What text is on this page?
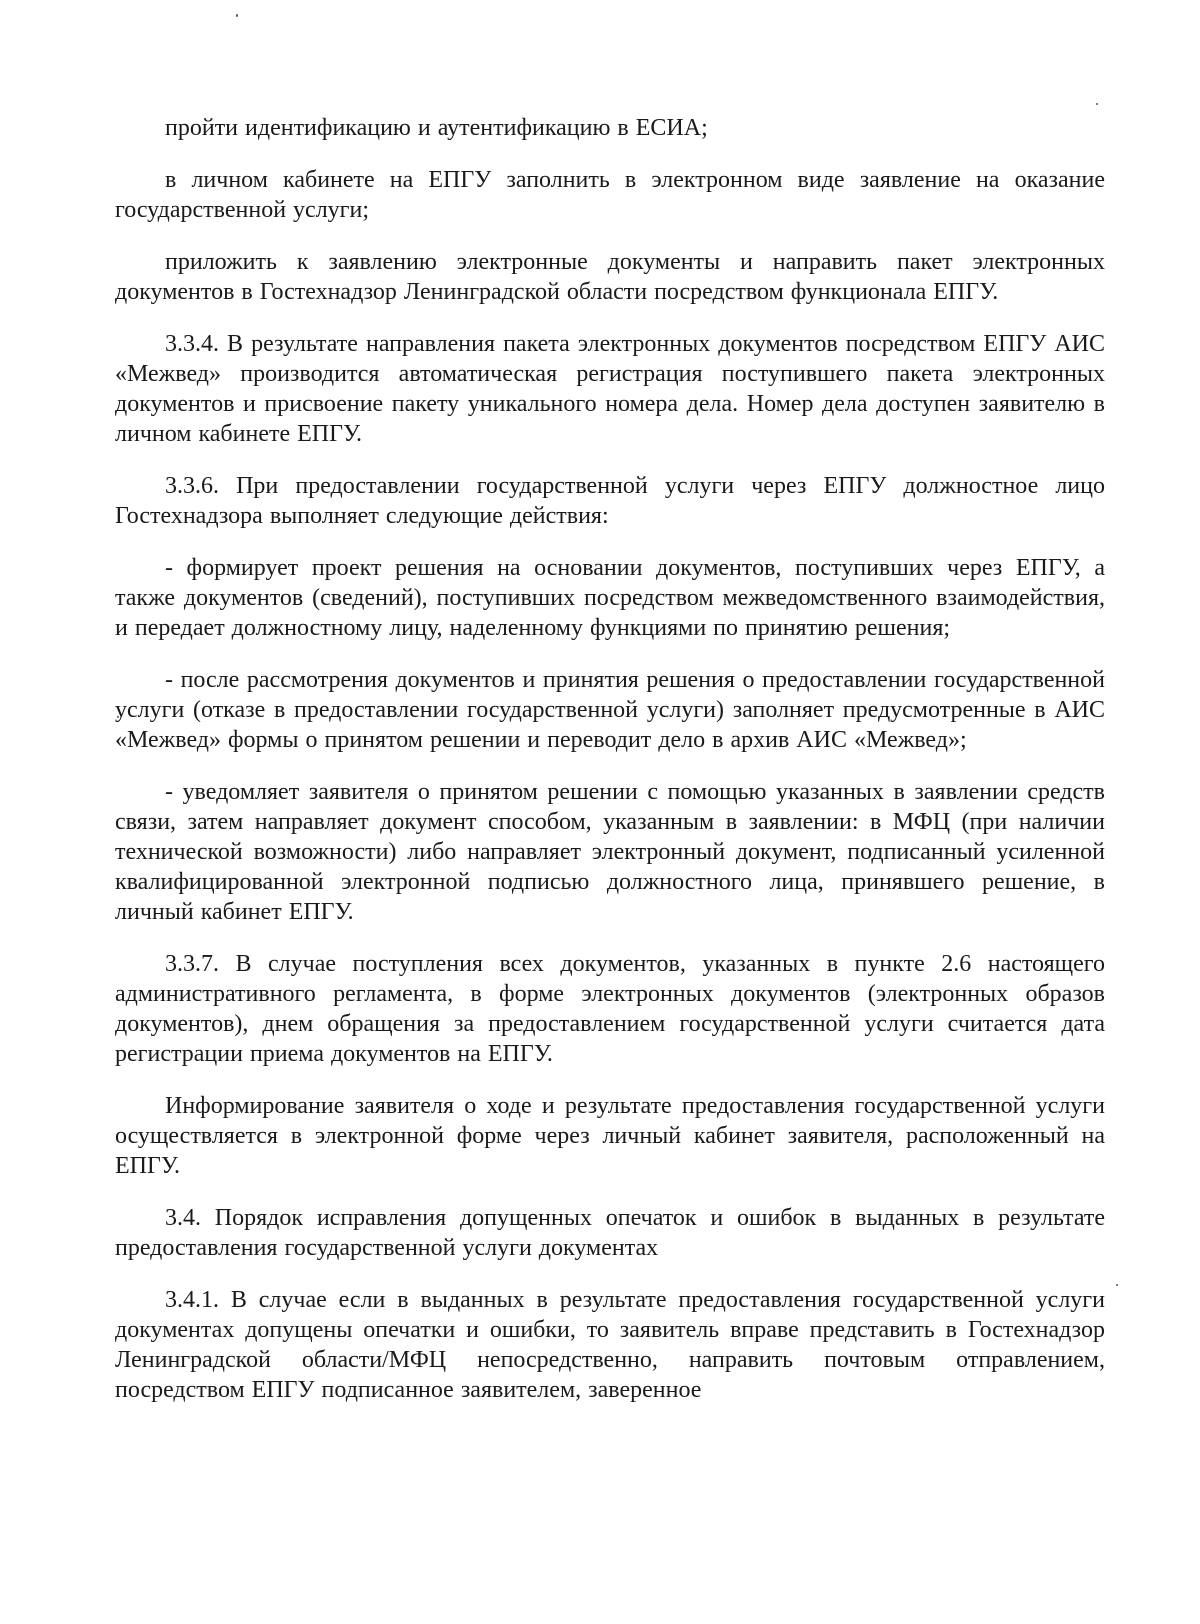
пройти идентификацию и аутентификацию в ЕСИА;

в личном кабинете на ЕПГУ заполнить в электронном виде заявление на оказание государственной услуги;

приложить к заявлению электронные документы и направить пакет электронных документов в Гостехнадзор Ленинградской области посредством функционала ЕПГУ.

3.3.4. В результате направления пакета электронных документов посредством ЕПГУ АИС «Межвед» производится автоматическая регистрация поступившего пакета электронных документов и присвоение пакету уникального номера дела. Номер дела доступен заявителю в личном кабинете ЕПГУ.

3.3.6. При предоставлении государственной услуги через ЕПГУ должностное лицо Гостехнадзора выполняет следующие действия:

- формирует проект решения на основании документов, поступивших через ЕПГУ, а также документов (сведений), поступивших посредством межведомственного взаимодействия, и передает должностному лицу, наделенному функциями по принятию решения;

- после рассмотрения документов и принятия решения о предоставлении государственной услуги (отказе в предоставлении государственной услуги) заполняет предусмотренные в АИС «Межвед» формы о принятом решении и переводит дело в архив АИС «Межвед»;

- уведомляет заявителя о принятом решении с помощью указанных в заявлении средств связи, затем направляет документ способом, указанным в заявлении: в МФЦ (при наличии технической возможности) либо направляет электронный документ, подписанный усиленной квалифицированной электронной подписью должностного лица, принявшего решение, в личный кабинет ЕПГУ.

3.3.7. В случае поступления всех документов, указанных в пункте 2.6 настоящего административного регламента, в форме электронных документов (электронных образов документов), днем обращения за предоставлением государственной услуги считается дата регистрации приема документов на ЕПГУ.

Информирование заявителя о ходе и результате предоставления государственной услуги осуществляется в электронной форме через личный кабинет заявителя, расположенный на ЕПГУ.

3.4. Порядок исправления допущенных опечаток и ошибок в выданных в результате предоставления государственной услуги документах

3.4.1. В случае если в выданных в результате предоставления государственной услуги документах допущены опечатки и ошибки, то заявитель вправе представить в Гостехнадзор Ленинградской области/МФЦ непосредственно, направить почтовым отправлением, посредством ЕПГУ подписанное заявителем, заверенное
